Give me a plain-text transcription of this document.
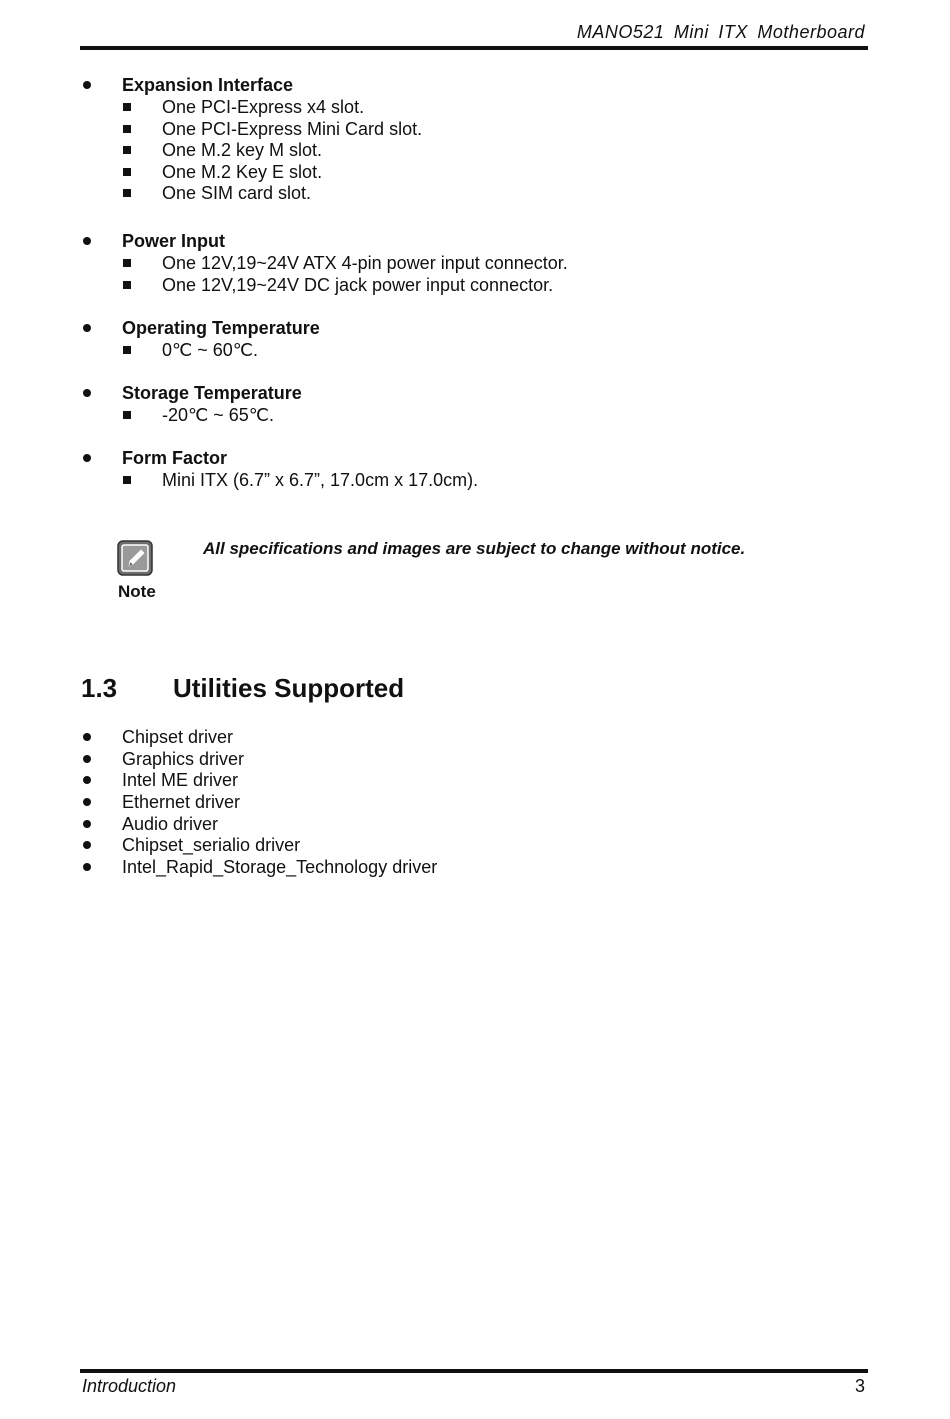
MANO521 Mini ITX Motherboard
Expansion Interface
One PCI-Express x4 slot.
One PCI-Express Mini Card slot.
One M.2 key M slot.
One M.2 Key E slot.
One SIM card slot.
Power Input
One 12V,19~24V ATX 4-pin power input connector.
One 12V,19~24V DC jack power input connector.
Operating Temperature
0℃ ~ 60℃.
Storage Temperature
-20℃ ~ 65℃.
Form Factor
Mini ITX (6.7” x 6.7”, 17.0cm x 17.0cm).
Note
All specifications and images are subject to change without notice.
1.3 Utilities Supported
Chipset driver
Graphics driver
Intel ME driver
Ethernet driver
Audio driver
Chipset_serialio driver
Intel_Rapid_Storage_Technology driver
Introduction	3
